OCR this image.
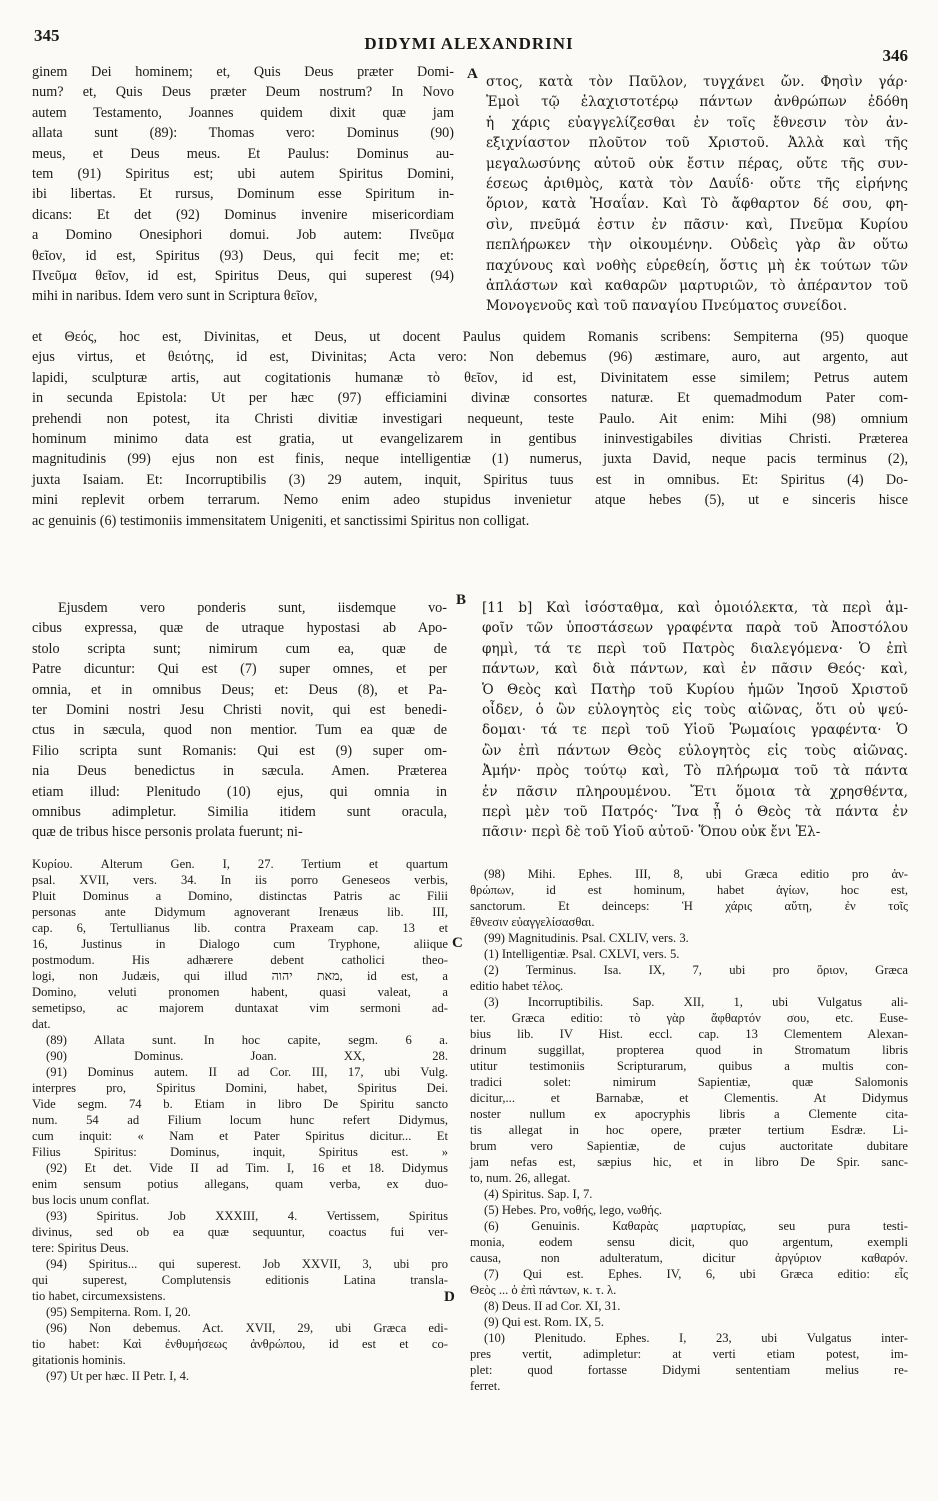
345	DIDYMI ALEXANDRINI
346
A
B
C
D

ginem Dei hominem; et, Quis Deus præter Domi-

num? et, Quis Deus præter Deum nostrum? In Novo

autem Testamento, Joannes quidem dixit quæ jam

allata sunt (89): Thomas vero: Dominus (90)

meus, et Deus meus. Et Paulus: Dominus au-

tem (91) Spiritus est; ubi autem Spiritus Domini,

ibi libertas. Et rursus, Dominum esse Spiritum in-

dicans: Et det (92) Dominus invenire misericordiam

a Domino Onesiphori domui. Job autem: Πνεῦμα

θεῖον, id est, Spiritus (93) Deus, qui fecit me; et:

Πνεῦμα θεῖον, id est, Spiritus Deus, qui superest (94)

mihi in naribus. Idem vero sunt in Scriptura θεῖον,

στος, κατὰ τὸν Παῦλον, τυγχάνει ὤν. Φησὶν γάρ·

Ἐμοὶ τῷ ἐλαχιστοτέρῳ πάντων ἀνθρώπων ἐδόθη

ἡ χάρις εὐαγγελίζεσθαι ἐν τοῖς ἔθνεσιν τὸν ἀν-

εξιχνίαστον πλοῦτον τοῦ Χριστοῦ. Ἀλλὰ καὶ τῆς

μεγαλωσύνης αὐτοῦ οὐκ ἔστιν πέρας, οὔτε τῆς συν-

έσεως ἀριθμὸς, κατὰ τὸν Δαυΐδ· οὔτε τῆς εἰρήνης

ὅριον, κατὰ Ἠσαΐαν. Καὶ Τὸ ἄφθαρτον δέ σου, φη-

σὶν, πνεῦμά ἐστιν ἐν πᾶσιν· καὶ, Πνεῦμα Κυρίου

πεπλήρωκεν τὴν οἰκουμένην. Οὐδεὶς γὰρ ἂν οὕτω

παχύνους καὶ νοθὴς εὑρεθείη, ὅστις μὴ ἐκ τούτων τῶν

ἀπλάστων καὶ καθαρῶν μαρτυριῶν, τὸ ἀπέραντον τοῦ

Μονογενοῦς καὶ τοῦ παναγίου Πνεύματος συνείδοι.

et Θεός, hoc est, Divinitas, et Deus, ut docent Paulus quidem Romanis scribens: Sempiterna (95) quoque

ejus virtus, et θειότης, id est, Divinitas; Acta vero: Non debemus (96) æstimare, auro, aut argento, aut

lapidi, sculpturæ artis, aut cogitationis humanæ τὸ θεῖον, id est, Divinitatem esse similem; Petrus autem

in secunda Epistola: Ut per hæc (97) efficiamini divinæ consortes naturæ. Et quemadmodum Pater com-

prehendi non potest, ita Christi divitiæ investigari nequeunt, teste Paulo. Ait enim: Mihi (98) omnium

hominum minimo data est gratia, ut evangelizarem in gentibus ininvestigabiles divitias Christi. Præterea

magnitudinis (99) ejus non est finis, neque intelligentiæ (1) numerus, juxta David, neque pacis terminus (2),

juxta Isaiam. Et: Incorruptibilis (3) 29 autem, inquit, Spiritus tuus est in omnibus. Et: Spiritus (4) Do-

mini replevit orbem terrarum. Nemo enim adeo stupidus invenietur atque hebes (5), ut e sinceris hisce

ac genuinis (6) testimoniis immensitatem Unigeniti, et sanctissimi Spiritus non colligat.

Ejusdem vero ponderis sunt, iisdemque vo-

cibus expressa, quæ de utraque hypostasi ab Apo-

stolo scripta sunt; nimirum cum ea, quæ de

Patre dicuntur: Qui est (7) super omnes, et per

omnia, et in omnibus Deus; et: Deus (8), et Pa-

ter Domini nostri Jesu Christi novit, qui est benedi-

ctus in sæcula, quod non mentior. Tum ea quæ de

Filio scripta sunt Romanis: Qui est (9) super om-

nia Deus benedictus in sæcula. Amen. Præterea

etiam illud: Plenitudo (10) ejus, qui omnia in

omnibus adimpletur. Similia itidem sunt oracula,

quæ de tribus hisce personis prolata fuerunt; ni-

[11 b] Καὶ ἰσόσταθμα, καὶ ὁμοιόλεκτα, τὰ περὶ ἀμ-

φοῖν τῶν ὑποστάσεων γραφέντα παρὰ τοῦ Ἀποστόλου

φημὶ, τά τε περὶ τοῦ Πατρὸς διαλεγόμενα· Ὁ ἐπὶ

πάντων, καὶ διὰ πάντων, καὶ ἐν πᾶσιν Θεός· καὶ,

Ὁ Θεὸς καὶ Πατὴρ τοῦ Κυρίου ἡμῶν Ἰησοῦ Χριστοῦ

οἶδεν, ὁ ὢν εὐλογητὸς εἰς τοὺς αἰῶνας, ὅτι οὐ ψεύ-

δομαι· τά τε περὶ τοῦ Υἱοῦ Ῥωμαίοις γραφέντα· Ὁ

ὢν ἐπὶ πάντων Θεὸς εὐλογητὸς εἰς τοὺς αἰῶνας.

Ἀμήν· πρὸς τούτῳ καὶ, Τὸ πλήρωμα τοῦ τὰ πάντα

ἐν πᾶσιν πληρουμένου. Ἔτι ὅμοια τὰ χρησθέντα,

περὶ μὲν τοῦ Πατρός· Ἵνα ᾖ ὁ Θεὸς τὰ πάντα ἐν

πᾶσιν· περὶ δὲ τοῦ Υἱοῦ αὐτοῦ· Ὅπου οὐκ ἔνι Ἑλ-

Κυρίου. Alterum Gen. I, 27. Tertium et quartum

psal. XVII, vers. 34. In iis porro Geneseos verbis,

Pluit Dominus a Domino, distinctas Patris ac Filii

personas ante Didymum agnoverant Irenæus lib. III,

cap. 6, Tertullianus lib. contra Praxeam cap. 13 et

16, Justinus in Dialogo cum Tryphone, aliique

postmodum. His adhærere debent catholici theo-

logi, non Judæis, qui illud מאת יהוה, id est, a

Domino, veluti pronomen habent, quasi valeat, a

semetipso, ac majorem duntaxat vim sermoni ad-

dat.

(89) Allata sunt. In hoc capite, segm. 6 a.

(90) Dominus. Joan. XX, 28.

(91) Dominus autem. II ad Cor. III, 17, ubi Vulg.

interpres pro, Spiritus Domini, habet, Spiritus Dei.

Vide segm. 74 b. Etiam in libro De Spiritu sancto

num. 54 ad Filium locum hunc refert Didymus,

cum inquit: « Nam et Pater Spiritus dicitur... Et

Filius Spiritus: Dominus, inquit, Spiritus est. »

(92) Et det. Vide II ad Tim. I, 16 et 18. Didymus

enim sensum potius allegans, quam verba, ex duo-

bus locis unum conflat.

(93) Spiritus. Job XXXIII, 4. Vertissem, Spiritus

divinus, sed ob ea quæ sequuntur, coactus fui ver-

tere: Spiritus Deus.

(94) Spiritus... qui superest. Job XXVII, 3, ubi pro

qui superest, Complutensis editionis Latina transla-

tio habet, circumexsistens.

(95) Sempiterna. Rom. I, 20.

(96) Non debemus. Act. XVII, 29, ubi Græca edi-

tio habet: Καὶ ἐνθυμήσεως ἀνθρώπου, id est et co-

gitationis hominis.

(97) Ut per hæc. II Petr. I, 4.

(98) Mihi. Ephes. III, 8, ubi Græca editio pro ἀν-

θρώπων, id est hominum, habet ἁγίων, hoc est,

sanctorum. Et deinceps: Ἡ χάρις αὕτη, ἐν τοῖς

ἔθνεσιν εὐαγγελίσασθαι.

(99) Magnitudinis. Psal. CXLIV, vers. 3.

(1) Intelligentiæ. Psal. CXLVI, vers. 5.

(2) Terminus. Isa. IX, 7, ubi pro ὅριον, Græca

editio habet τέλος.

(3) Incorruptibilis. Sap. XII, 1, ubi Vulgatus ali-

ter. Græca editio: τὸ γὰρ ἄφθαρτόν σου, etc. Euse-

bius lib. IV Hist. eccl. cap. 13 Clementem Alexan-

drinum suggillat, propterea quod in Stromatum libris

utitur testimoniis Scripturarum, quibus a multis con-

tradici solet: nimirum Sapientiæ, quæ Salomonis

dicitur,... et Barnabæ, et Clementis. At Didymus

noster nullum ex apocryphis libris a Clemente cita-

tis allegat in hoc opere, præter tertium Esdræ. Li-

brum vero Sapientiæ, de cujus auctoritate dubitare

jam nefas est, sæpius hic, et in libro De Spir. sanc-

to, num. 26, allegat.

(4) Spiritus. Sap. I, 7.

(5) Hebes. Pro, νοθής, lego, νωθής.

(6) Genuinis. Καθαρὰς μαρτυρίας, seu pura testi-

monia, eodem sensu dicit, quo argentum, exempli

causa, non adulteratum, dicitur ἀργύριον καθαρόν.

(7) Qui est. Ephes. IV, 6, ubi Græca editio: εἷς

Θεὸς ... ὁ ἐπὶ πάντων, κ. τ. λ.

(8) Deus. II ad Cor. XI, 31.

(9) Qui est. Rom. IX, 5.

(10) Plenitudo. Ephes. I, 23, ubi Vulgatus inter-

pres vertit, adimpletur: at verti etiam potest, im-

plet: quod fortasse Didymi sententiam melius re-

ferret.
